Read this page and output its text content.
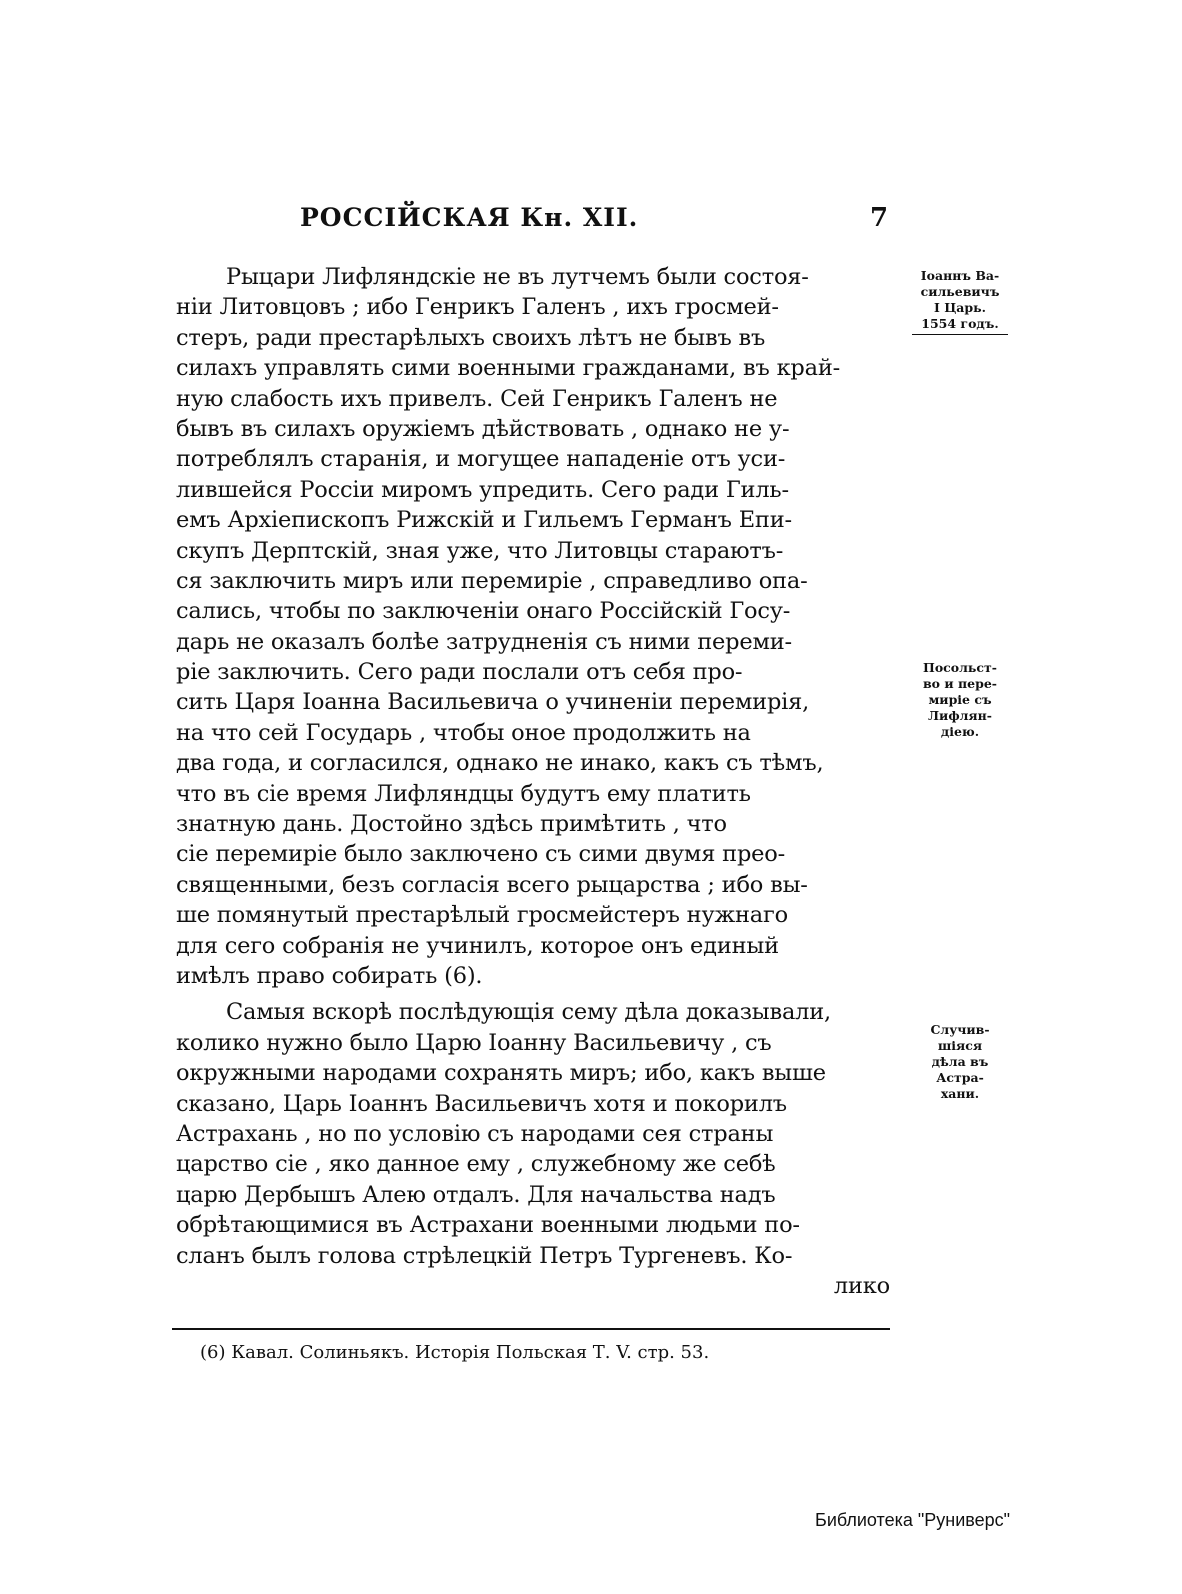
РОССІЙСКАЯ Кн. XII.	7
Рыцари Лифляндскіе не въ лутчемъ были состоя-
ніи Литовцовъ ; ибо Генрикъ Галенъ , ихъ гросмей-
стеръ, ради престарѣлыхъ своихъ лѣтъ не бывъ въ
силахъ управлять сими военными гражданами, въ край-
ную слабость ихъ привелъ. Сей Генрикъ Галенъ не
бывъ въ силахъ оружіемъ дѣйствовать , однако не у-
потреблялъ старанія, и могущее нападеніе отъ уси-
лившейся Россіи миромъ упредить. Сего ради Гиль-
емъ Архіепископъ Рижскій и Гильемъ Германъ Епи-
скупъ Дерптскій, зная уже, что Литовцы стараютъ-
ся заключить миръ или перемиріе , справедливо опа-
сались, чтобы по заключеніи онаго Россійскій Госу-
дарь не оказалъ болѣе затрудненія съ ними переми-
ріе заключить. Сего ради послали отъ себя про-
сить Царя Іоанна Васильевича о учиненіи перемирія,
на что сей Государь , чтобы оное продолжить на
два года, и согласился, однако не инако, какъ съ тѣмъ,
что въ сіе время Лифляндцы будутъ ему платить
знатную дань. Достойно здѣсь примѣтить , что
сіе перемиріе было заключено съ сими двумя прео-
священными, безъ согласія всего рыцарства ; ибо вы-
ше помянутый престарѣлый гросмейстеръ нужнаго
для сего собранія не учинилъ, которое онъ единый
имѣлъ право собирать (6).
Самыя вскорѣ послѣдующія сему дѣла доказывали,
колико нужно было Царю Іоанну Васильевичу , съ
окружными народами сохранять миръ; ибо, какъ выше
сказано, Царь Іоаннъ Васильевичъ хотя и покорилъ
Астрахань , но по условію съ народами сея страны
царство сіе , яко данное ему , служебному же себѣ
царю Дербышъ Алею отдалъ. Для начальства надъ
обрѣтающимися въ Астрахани военными людьми по-
сланъ былъ голова стрѣлецкій Петръ Тургеневъ. Ко-
лико
Іоаннъ Ва-
сильевичъ
I Царь.
1554 годъ.
Посольст-
во и пере-
миріе съ
Лифлян-
діею.
Случив-
шіяся
дѣла въ
Астра-
хани.
(6) Кавал. Солиньякъ. Исторія Польская Т. V. стр. 53.
Библиотека "Руниверс"
